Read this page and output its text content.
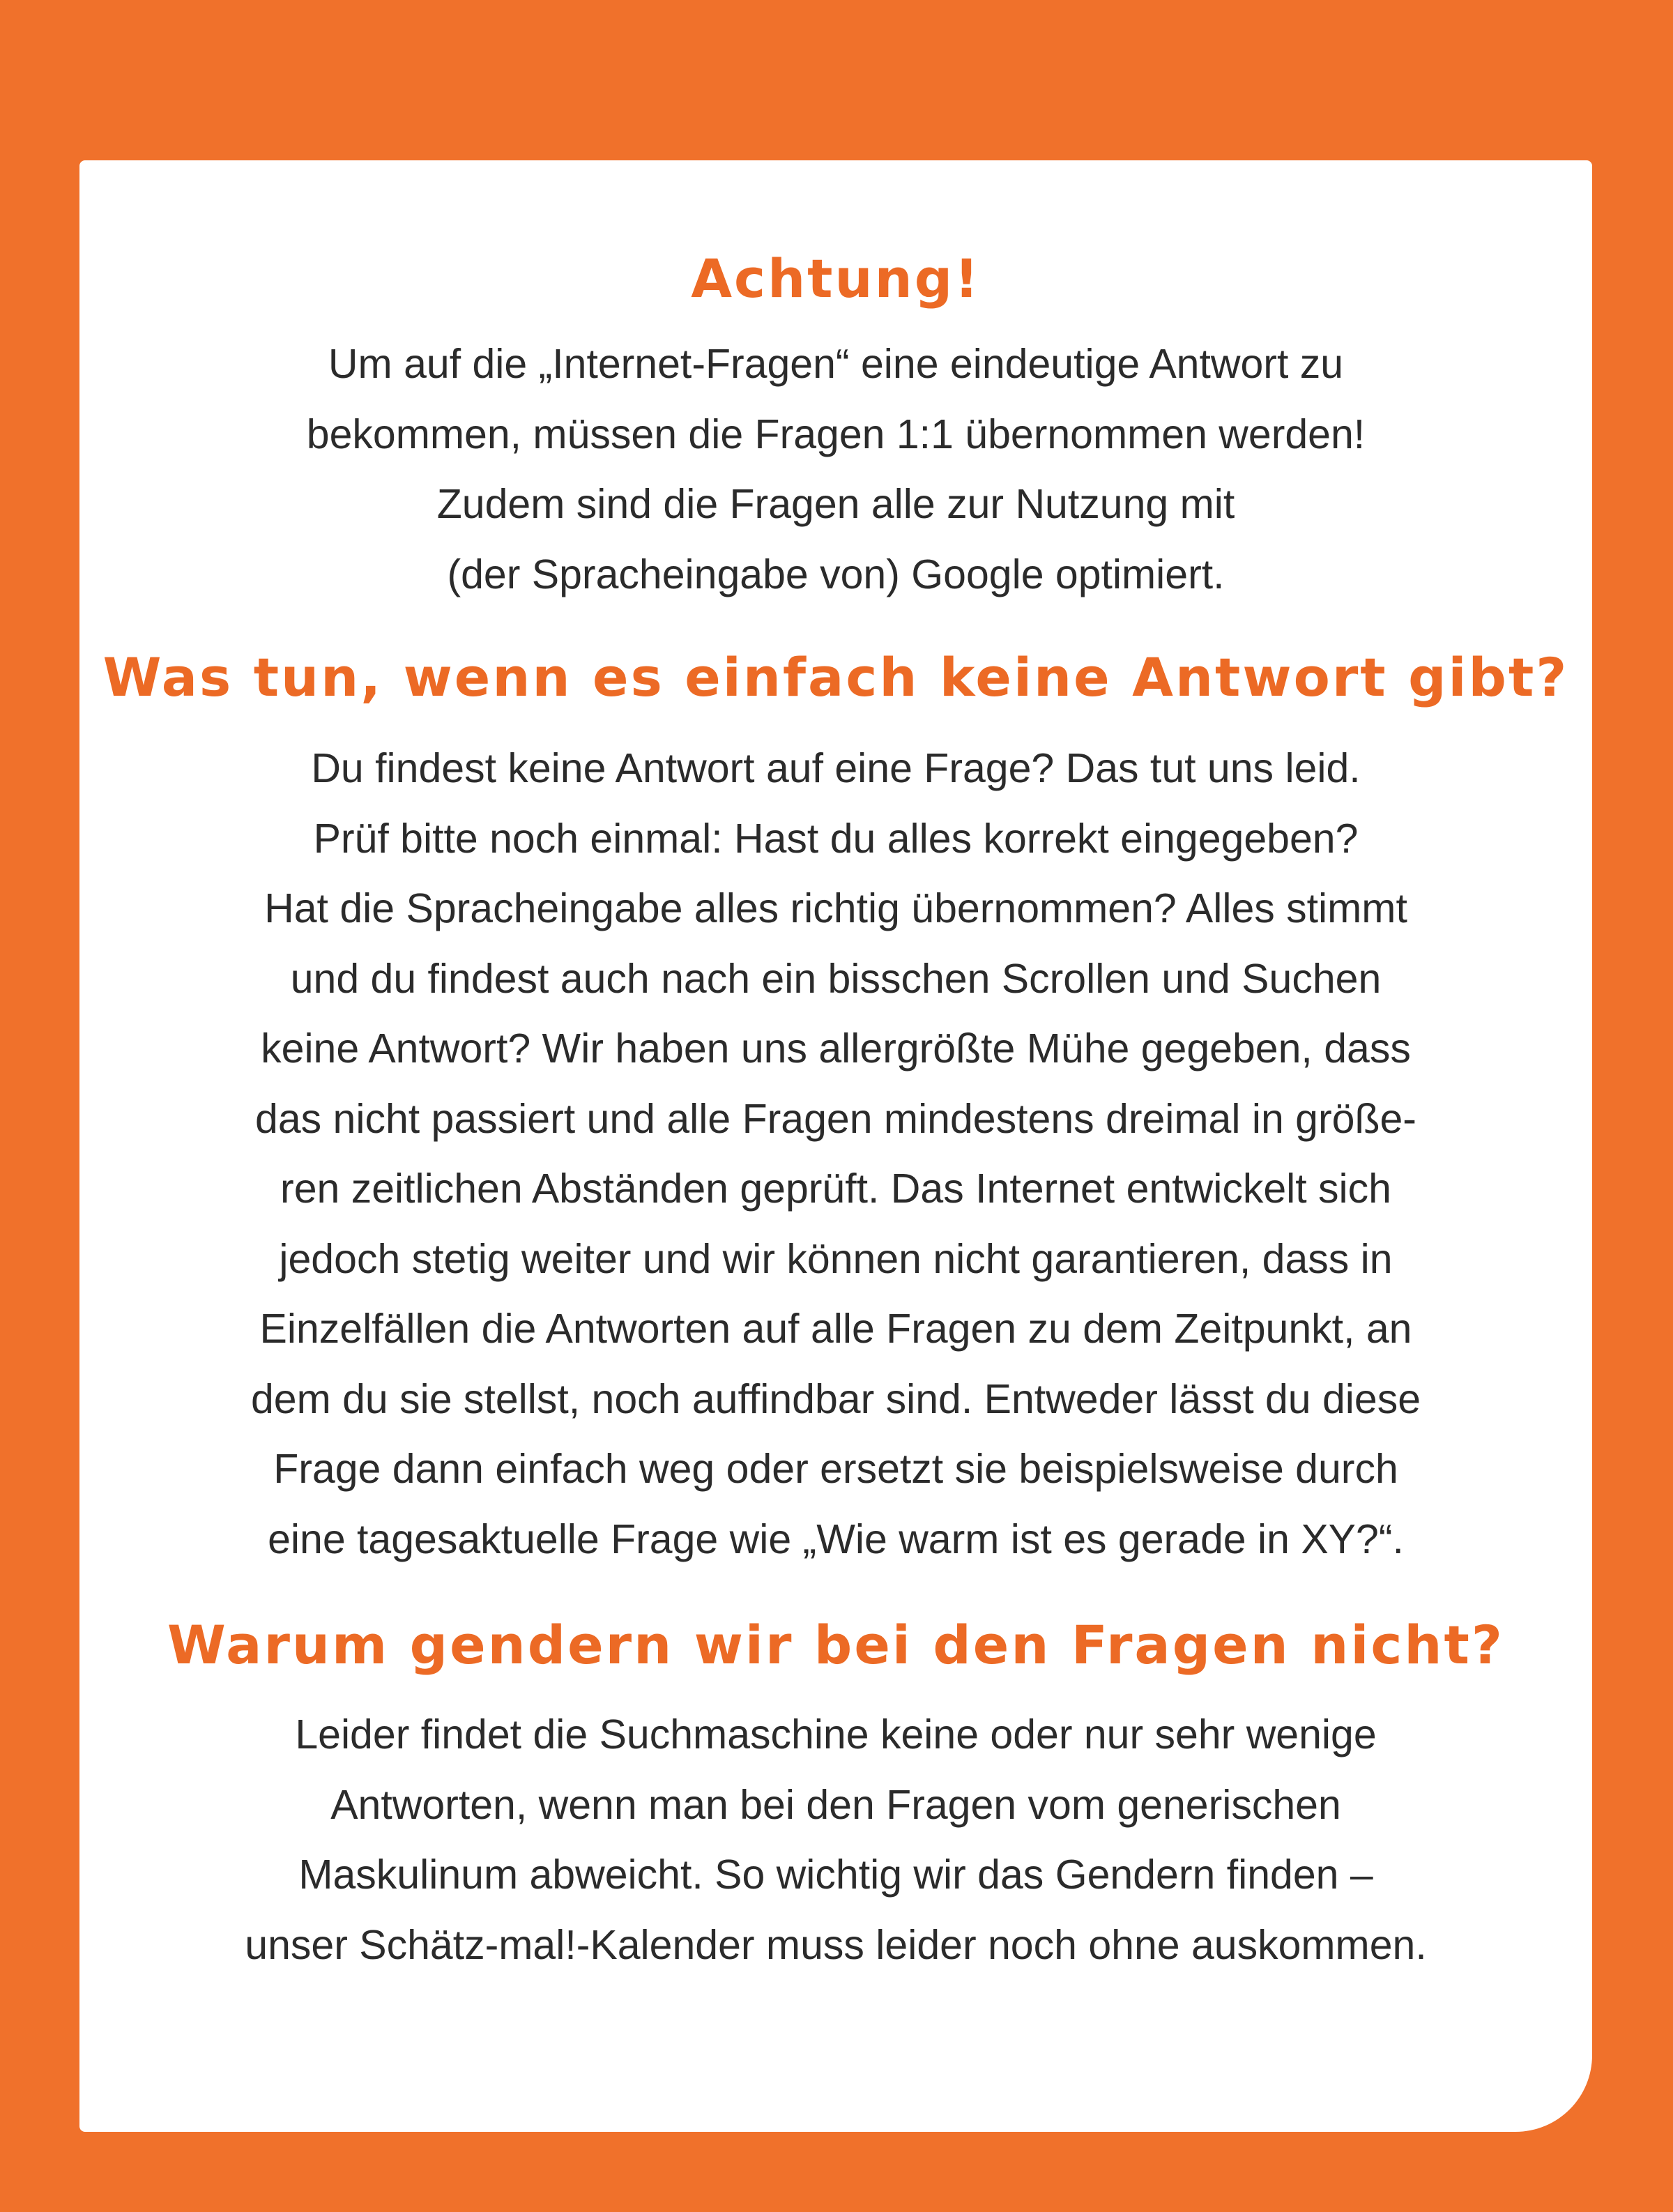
Achtung!

Um auf die „Internet-Fragen“ eine eindeutige Antwort zu
bekommen, müssen die Fragen 1:1 übernommen werden!
Zudem sind die Fragen alle zur Nutzung mit
(der Spracheingabe von) Google optimiert.

Was tun, wenn es einfach keine Antwort gibt?

Du findest keine Antwort auf eine Frage? Das tut uns leid.
Prüf bitte noch einmal: Hast du alles korrekt eingegeben?
Hat die Spracheingabe alles richtig übernommen? Alles stimmt
und du findest auch nach ein bisschen Scrollen und Suchen
keine Antwort? Wir haben uns allergrößte Mühe gegeben, dass
das nicht passiert und alle Fragen mindestens dreimal in größe-
ren zeitlichen Abständen geprüft. Das Internet entwickelt sich
jedoch stetig weiter und wir können nicht garantieren, dass in
Einzelfällen die Antworten auf alle Fragen zu dem Zeitpunkt, an
dem du sie stellst, noch auffindbar sind. Entweder lässt du diese
Frage dann einfach weg oder ersetzt sie beispielsweise durch
eine tagesaktuelle Frage wie „Wie warm ist es gerade in XY?“.

Warum gendern wir bei den Fragen nicht?

Leider findet die Suchmaschine keine oder nur sehr wenige
Antworten, wenn man bei den Fragen vom generischen
Maskulinum abweicht. So wichtig wir das Gendern finden –
unser Schätz-mal!-Kalender muss leider noch ohne auskommen.
